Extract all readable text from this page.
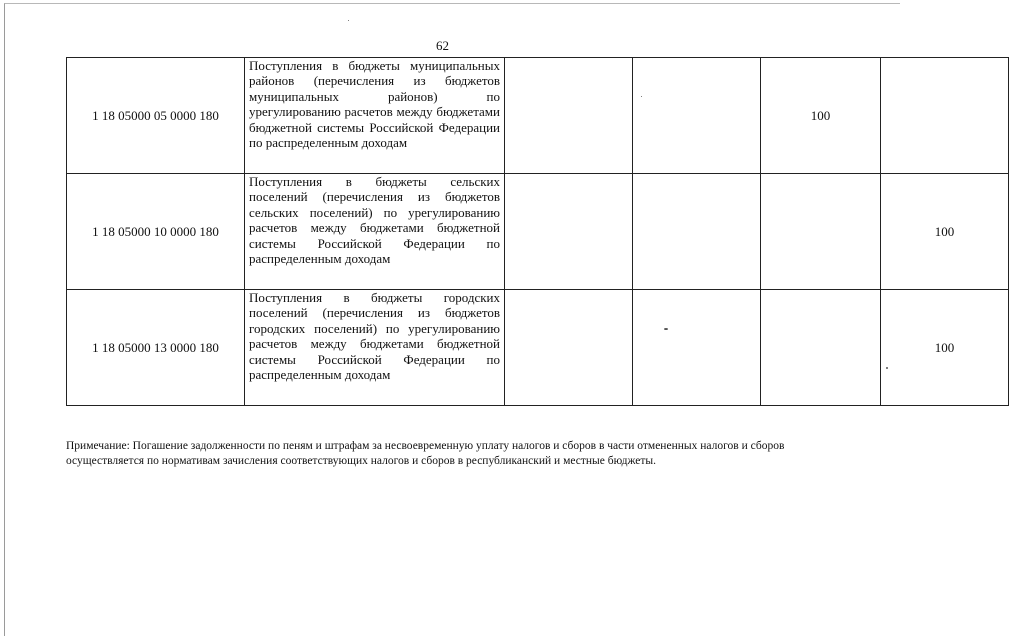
62
1 18 05000 05 0000 180	Поступления в бюджеты муниципальных районов (перечисления из бюджетов муниципальных районов) по урегулированию расчетов между бюджетами бюджетной системы Российской Федерации по распределенным доходам			100	
1 18 05000 10 0000 180	Поступления в бюджеты сельских поселений (перечисления из бюджетов сельских поселений) по урегулированию расчетов между бюджетами бюджетной системы Российской Федерации по распределенным доходам				100
1 18 05000 13 0000 180	Поступления в бюджеты городских поселений (перечисления из бюджетов городских поселений) по урегулированию расчетов между бюджетами бюджетной системы Российской Федерации по распределенным доходам				100
Примечание: Погашение задолженности по пеням и штрафам за несвоевременную уплату налогов и сборов в части отмененных налогов и сборов осуществляется по нормативам зачисления соответствующих налогов и сборов в республиканский и местные бюджеты.
